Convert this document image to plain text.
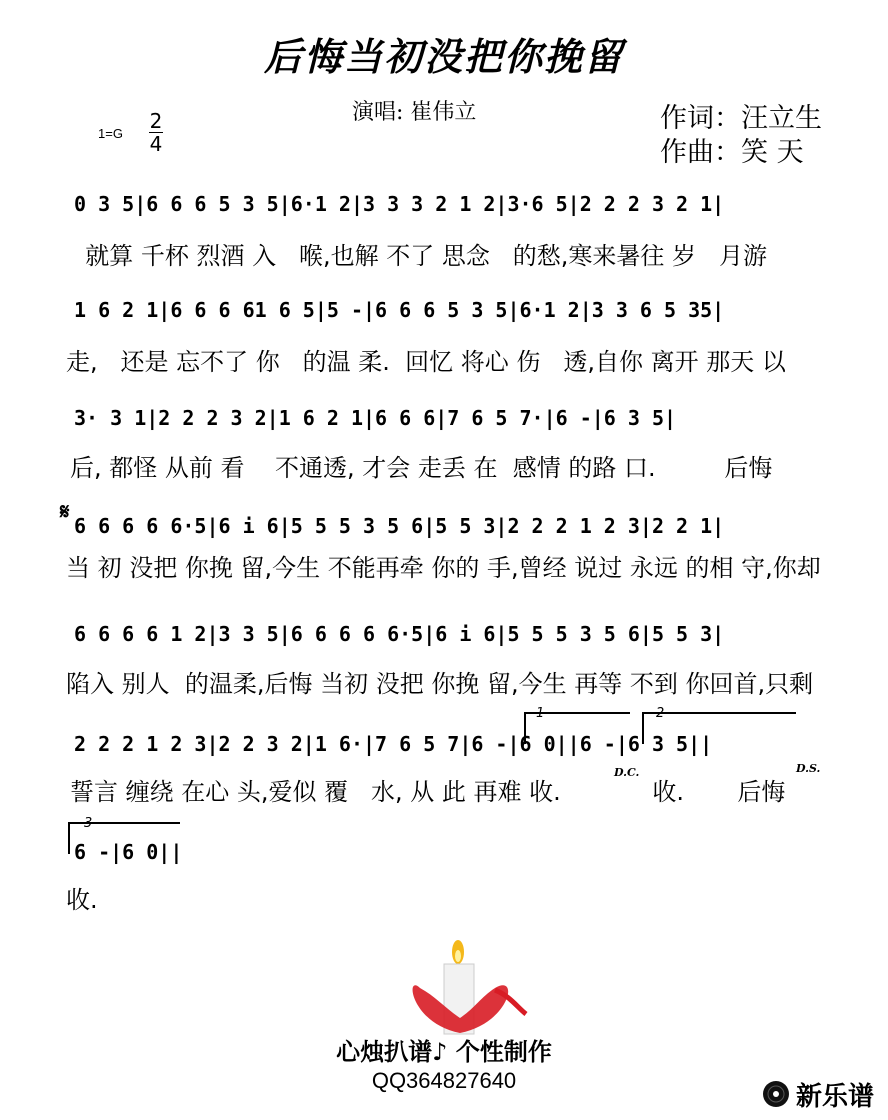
后悔当初没把你挽留
演唱: 崔伟立	作词：汪立生
作曲：笑 天
1=G
2
4
0 3 5|6 6 6 5 3 5|6·1 2|3 3 3 2 1 2|3·6 5|2 2 2 3 2 1|
就算 千杯 烈酒 入   喉,也解 不了 思念   的愁,寒来暑往 岁   月游
1 6 2 1|6 6 6 61 6 5|5 -|6 6 6 5 3 5|6·1 2|3 3 6 5 35|
走,   还是 忘不了 你   的温 柔.  回忆 将心 伤   透,自你 离开 那天 以
3· 3 1|2 2 2 3 2|1 6 2 1|6 6 6|7 6 5 7·|6 -|6 3 5|
后, 都怪 从前 看    不通透, 才会 走丢 在  感情 的路 口.         后悔
𝄋
6 6 6 6 6·5|6 i 6|5 5 5 3 5 6|5 5 3|2 2 2 1 2 3|2 2 1|
当 初 没把 你挽 留,今生 不能再牵 你的 手,曾经 说过 永远 的相 守,你却
6 6 6 6 1 2|3 3 5|6 6 6 6 6·5|6 i 6|5 5 5 3 5 6|5 5 3|
陷入 别人  的温柔,后悔 当初 没把 你挽 留,今生 再等 不到 你回首,只剩
1	2
2 2 2 1 2 3|2 2 3 2|1 6·|7 6 5 7|6 -|6 0||6 -|6 3 5||
D.C.	D.S.
誓言 缠绕 在心 头,爱似 覆   水, 从 此 再难 收.            收.       后悔
3
6 -|6 0||
收.
心烛扒谱♪ 个性制作
QQ364827640
新乐谱
